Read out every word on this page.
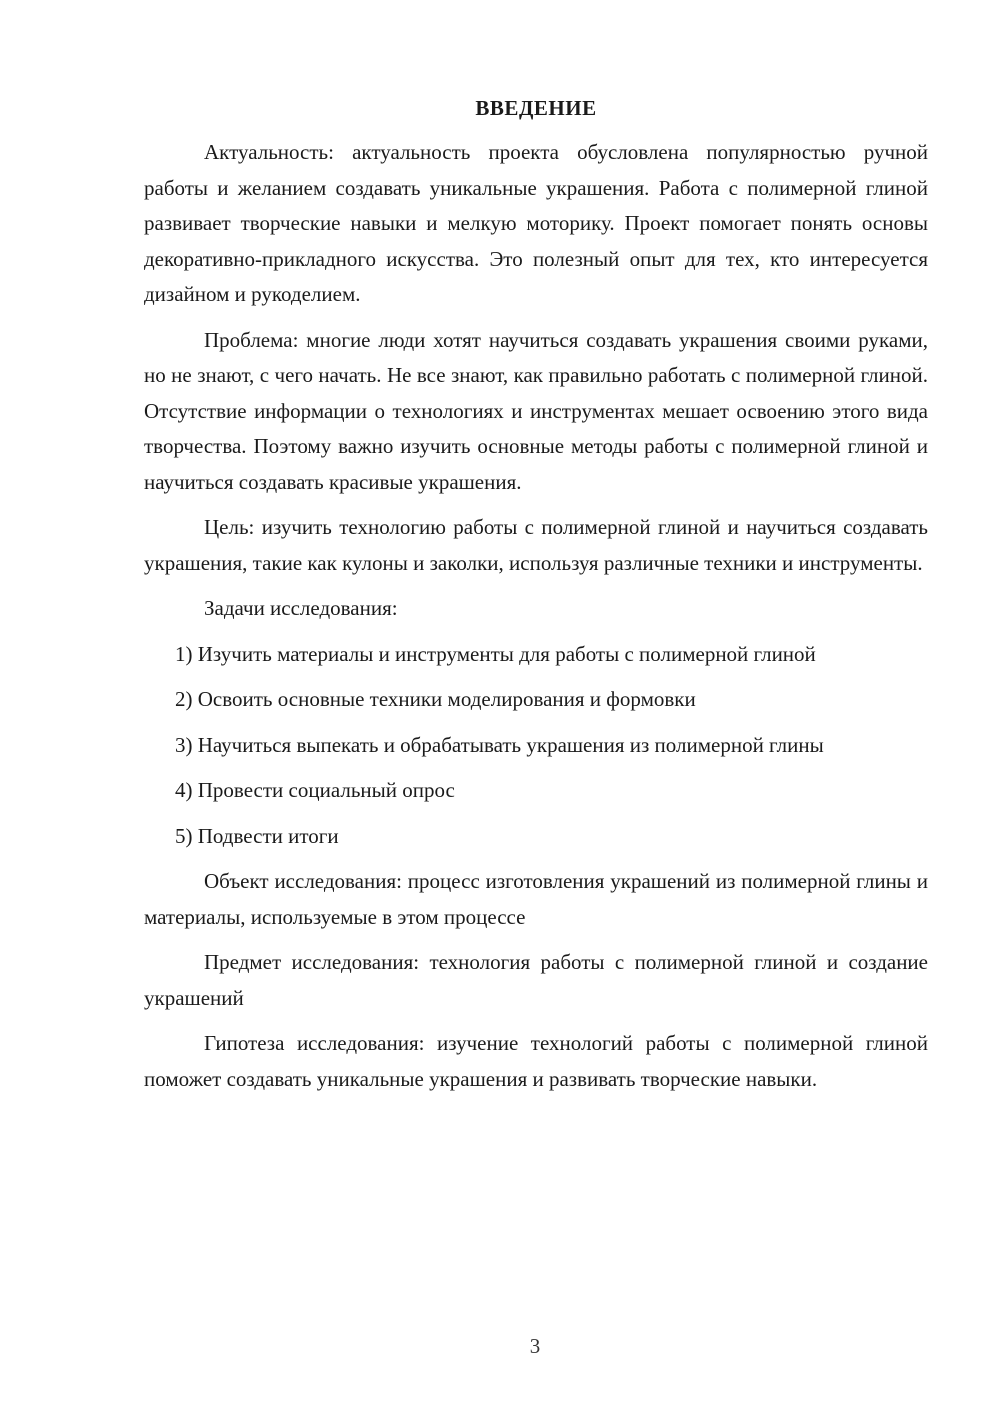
ВВЕДЕНИЕ

Актуальность: актуальность проекта обусловлена популярностью ручной работы и желанием создавать уникальные украшения. Работа с полимерной глиной развивает творческие навыки и мелкую моторику. Проект помогает понять основы декоративно-прикладного искусства. Это полезный опыт для тех, кто интересуется дизайном и рукоделием.

Проблема: многие люди хотят научиться создавать украшения своими руками, но не знают, с чего начать. Не все знают, как правильно работать с полимерной глиной. Отсутствие информации о технологиях и инструментах мешает освоению этого вида творчества. Поэтому важно изучить основные методы работы с полимерной глиной и научиться создавать красивые украшения.

Цель: изучить технологию работы с полимерной глиной и научиться создавать украшения, такие как кулоны и заколки, используя различные техники и инструменты.

Задачи исследования:

1) Изучить материалы и инструменты для работы с полимерной глиной

2) Освоить основные техники моделирования и формовки

3) Научиться выпекать и обрабатывать украшения из полимерной глины

4) Провести социальный опрос

5) Подвести итоги

Объект исследования: процесс изготовления украшений из полимерной глины и материалы, используемые в этом процессе

Предмет исследования: технология работы с полимерной глиной и создание украшений

Гипотеза исследования: изучение технологий работы с полимерной глиной поможет создавать уникальные украшения и развивать творческие навыки.

3
